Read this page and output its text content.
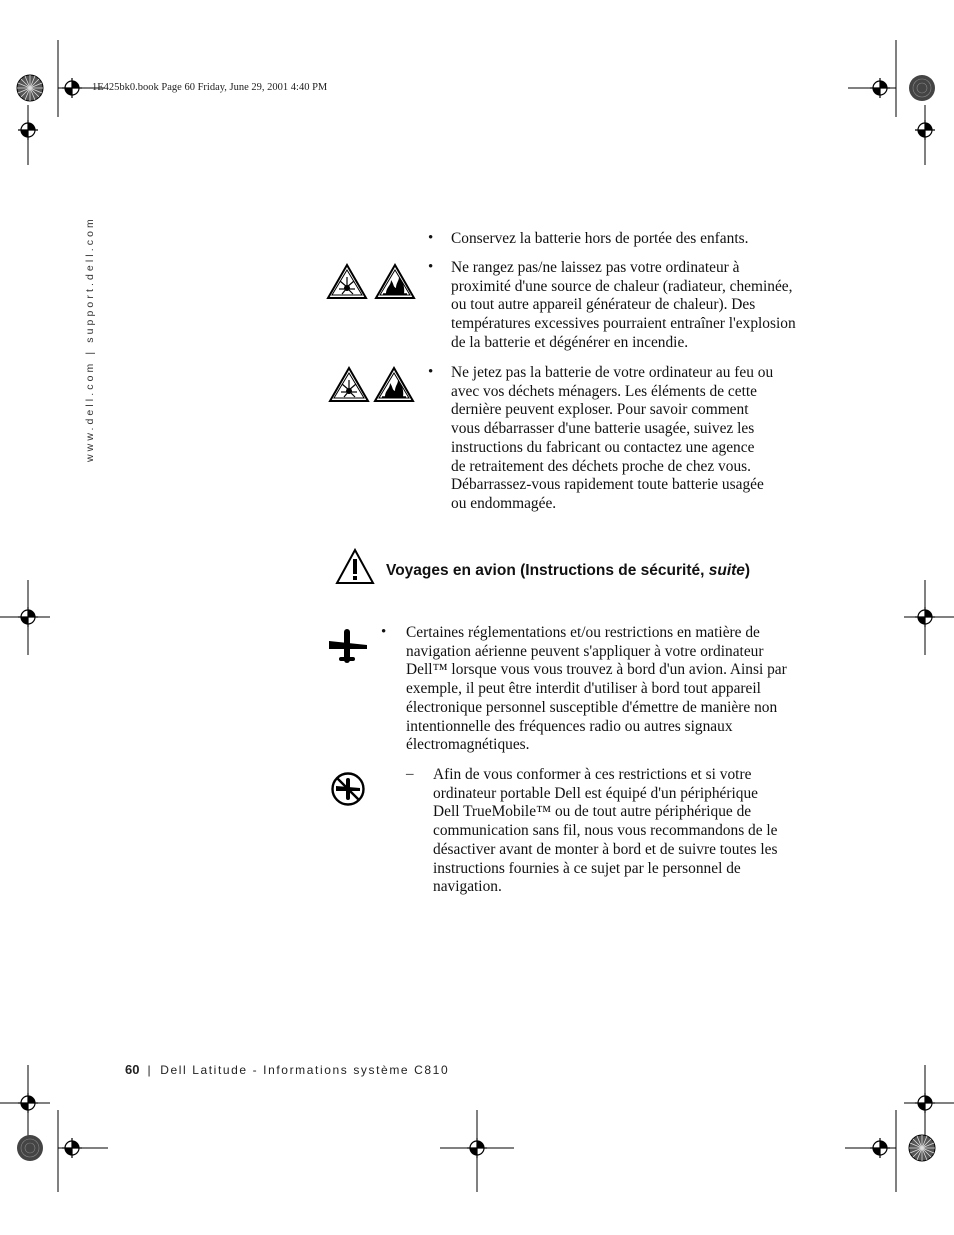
1E425bk0.book Page 60 Friday, June 29, 2001 4:40 PM
www.dell.com | support.dell.com	• Conservez la batterie hors de portée des enfants.
• Ne rangez pas/ne laissez pas votre ordinateur à
proximité d'une source de chaleur (radiateur, cheminée,
ou tout autre appareil générateur de chaleur). Des
températures excessives pourraient entraîner l'explosion
de la batterie et dégénérer en incendie.
• Ne jetez pas la batterie de votre ordinateur au feu ou
avec vos déchets ménagers. Les éléments de cette
dernière peuvent exploser. Pour savoir comment
vous débarrasser d'une batterie usagée, suivez les
instructions du fabricant ou contactez une agence
de retraitement des déchets proche de chez vous.
Débarrassez-vous rapidement toute batterie usagée
ou endommagée.
Voyages en avion (Instructions de sécurité, suite)
• Certaines réglementations et/ou restrictions en matière de
navigation aérienne peuvent s'appliquer à votre ordinateur
Dell™ lorsque vous vous trouvez à bord d'un avion. Ainsi par
exemple, il peut être interdit d'utiliser à bord tout appareil
électronique personnel susceptible d'émettre de manière non
intentionnelle des fréquences radio ou autres signaux
électromagnétiques.
– Afin de vous conformer à ces restrictions et si votre
ordinateur portable Dell est équipé d'un périphérique
Dell TrueMobile™ ou de tout autre périphérique de
communication sans fil, nous vous recommandons de le
désactiver avant de monter à bord et de suivre toutes les
instructions fournies à ce sujet par le personnel de
navigation.
60 | Dell Latitude - Informations système C810
